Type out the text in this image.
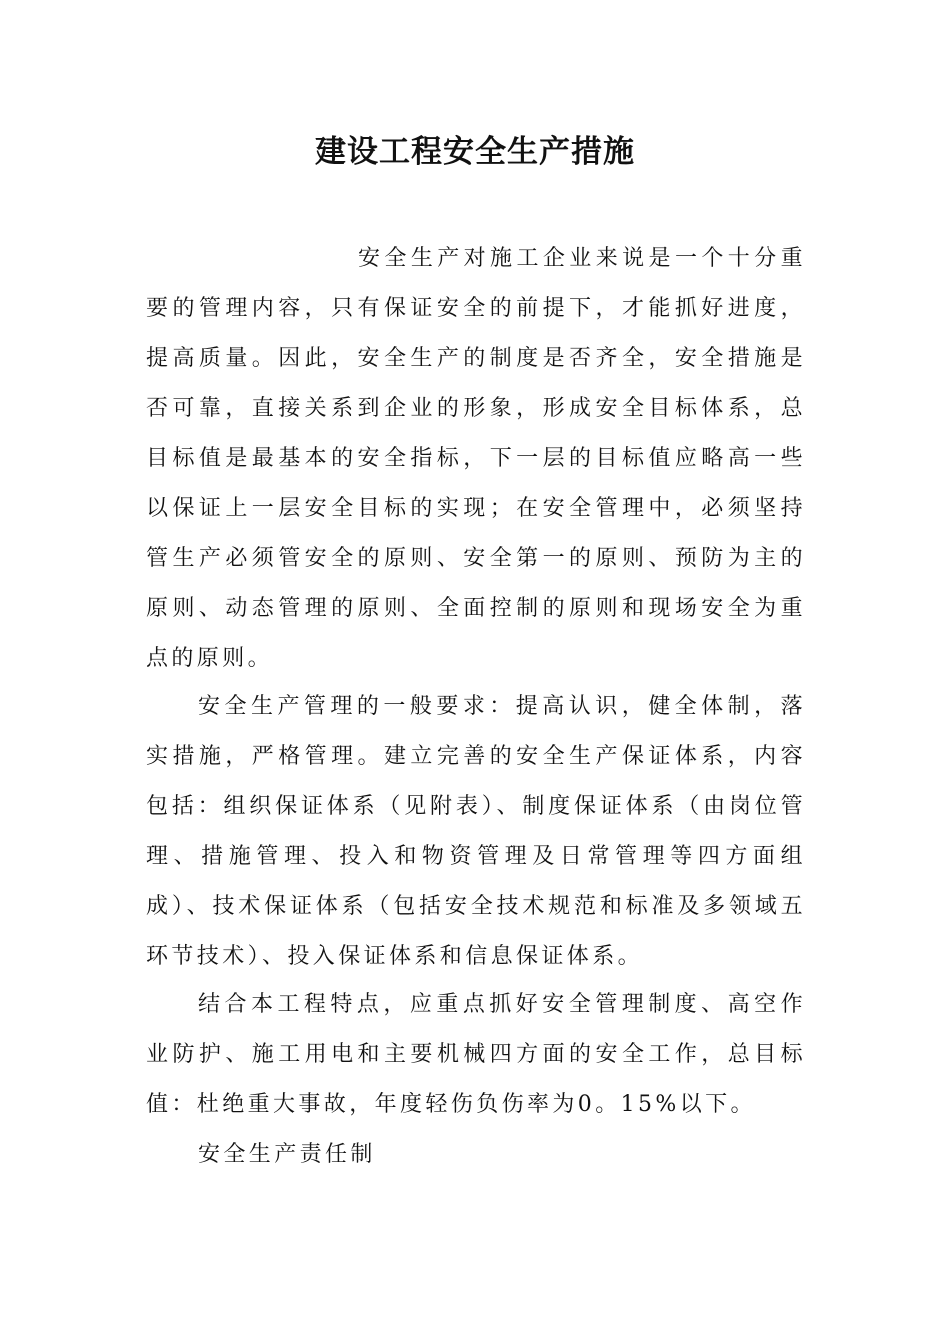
建设工程安全生产措施

安全生产对施工企业来说是一个十分重要的管理内容，只有保证安全的前提下，才能抓好进度，提高质量。因此，安全生产的制度是否齐全，安全措施是否可靠，直接关系到企业的形象，形成安全目标体系，总目标值是最基本的安全指标，下一层的目标值应略高一些以保证上一层安全目标的实现；在安全管理中，必须坚持管生产必须管安全的原则、安全第一的原则、预防为主的原则、动态管理的原则、全面控制的原则和现场安全为重点的原则。

安全生产管理的一般要求：提高认识，健全体制，落实措施，严格管理。建立完善的安全生产保证体系，内容包括：组织保证体系（见附表）、制度保证体系（由岗位管理、措施管理、投入和物资管理及日常管理等四方面组成）、技术保证体系（包括安全技术规范和标准及多领域五环节技术）、投入保证体系和信息保证体系。

结合本工程特点，应重点抓好安全管理制度、高空作业防护、施工用电和主要机械四方面的安全工作，总目标值：杜绝重大事故，年度轻伤负伤率为0。15%以下。

安全生产责任制
